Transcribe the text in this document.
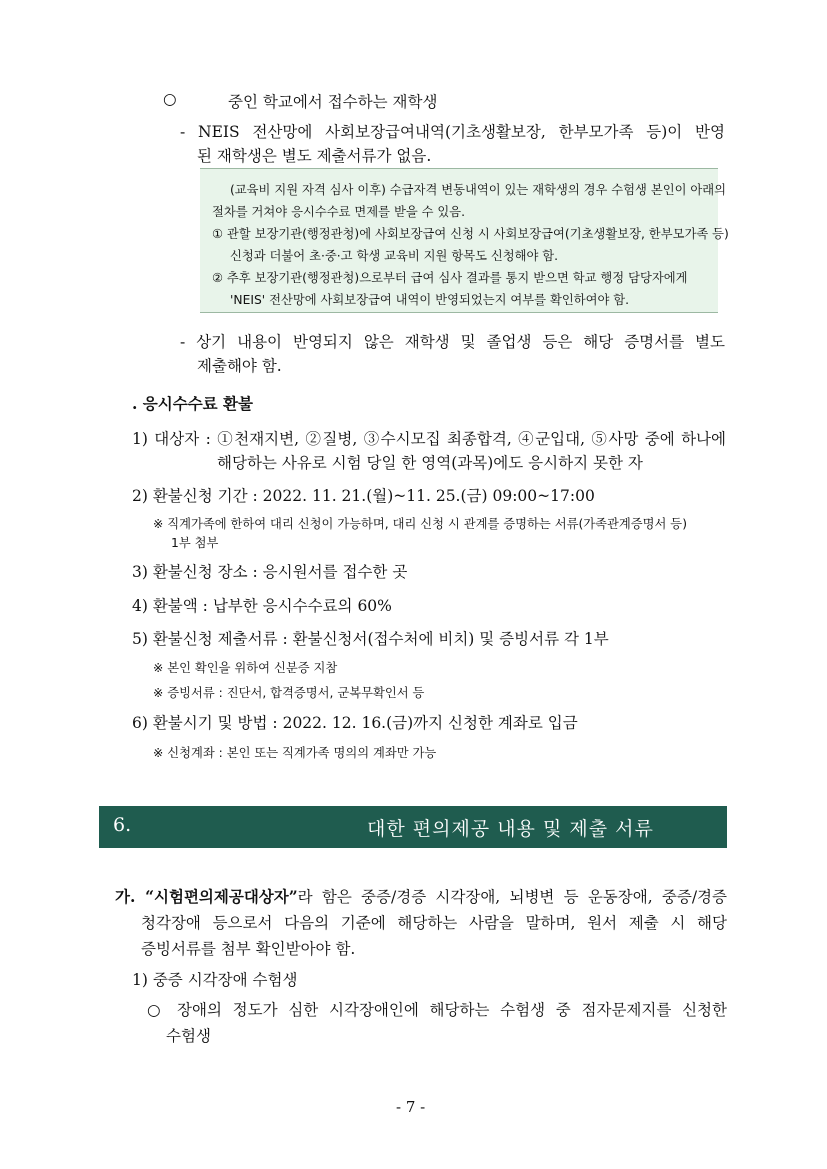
○	중인 학교에서 접수하는 재학생
- NEIS 전산망에 사회보장급여내역(기초생활보장, 한부모가족 등)이 반영
된 재학생은 별도 제출서류가 없음.
(교육비 지원 자격 심사 이후) 수급자격 변동내역이 있는 재학생의 경우 수험생 본인이 아래의
절차를 거쳐야 응시수수료 면제를 받을 수 있음.
① 관할 보장기관(행정관청)에 사회보장급여 신청 시 사회보장급여(기초생활보장, 한부모가족 등)
신청과 더불어 초·중·고 학생 교육비 지원 항목도 신청해야 함.
② 추후 보장기관(행정관청)으로부터 급여 심사 결과를 통지 받으면 학교 행정 담당자에게
'NEIS' 전산망에 사회보장급여 내역이 반영되었는지 여부를 확인하여야 함.
- 상기 내용이 반영되지 않은 재학생 및 졸업생 등은 해당 증명서를 별도
제출해야 함.
. 응시수수료 환불
1) 대상자 : ①천재지변, ②질병, ③수시모집 최종합격, ④군입대, ⑤사망 중에 하나에
해당하는 사유로 시험 당일 한 영역(과목)에도 응시하지 못한 자
2) 환불신청 기간 : 2022. 11. 21.(월)~11. 25.(금) 09:00~17:00
※ 직계가족에 한하여 대리 신청이 가능하며, 대리 신청 시 관계를 증명하는 서류(가족관계증명서 등)
1부 첨부
3) 환불신청 장소 : 응시원서를 접수한 곳
4) 환불액 : 납부한 응시수수료의 60%
5) 환불신청 제출서류 : 환불신청서(접수처에 비치) 및 증빙서류 각 1부
※ 본인 확인을 위하여 신분증 지참
※ 증빙서류 : 진단서, 합격증명서, 군복무확인서 등
6) 환불시기 및 방법 : 2022. 12. 16.(금)까지 신청한 계좌로 입금
※ 신청계좌 : 본인 또는 직계가족 명의의 계좌만 가능
6.	대한 편의제공 내용 및 제출 서류
가. “시험편의제공대상자”라 함은 중증/경증 시각장애, 뇌병변 등 운동장애, 중증/경증
청각장애 등으로서 다음의 기준에 해당하는 사람을 말하며, 원서 제출 시 해당
증빙서류를 첨부 확인받아야 함.
1) 중증 시각장애 수험생
○ 장애의 정도가 심한 시각장애인에 해당하는 수험생 중 점자문제지를 신청한
수험생
- 7 -
